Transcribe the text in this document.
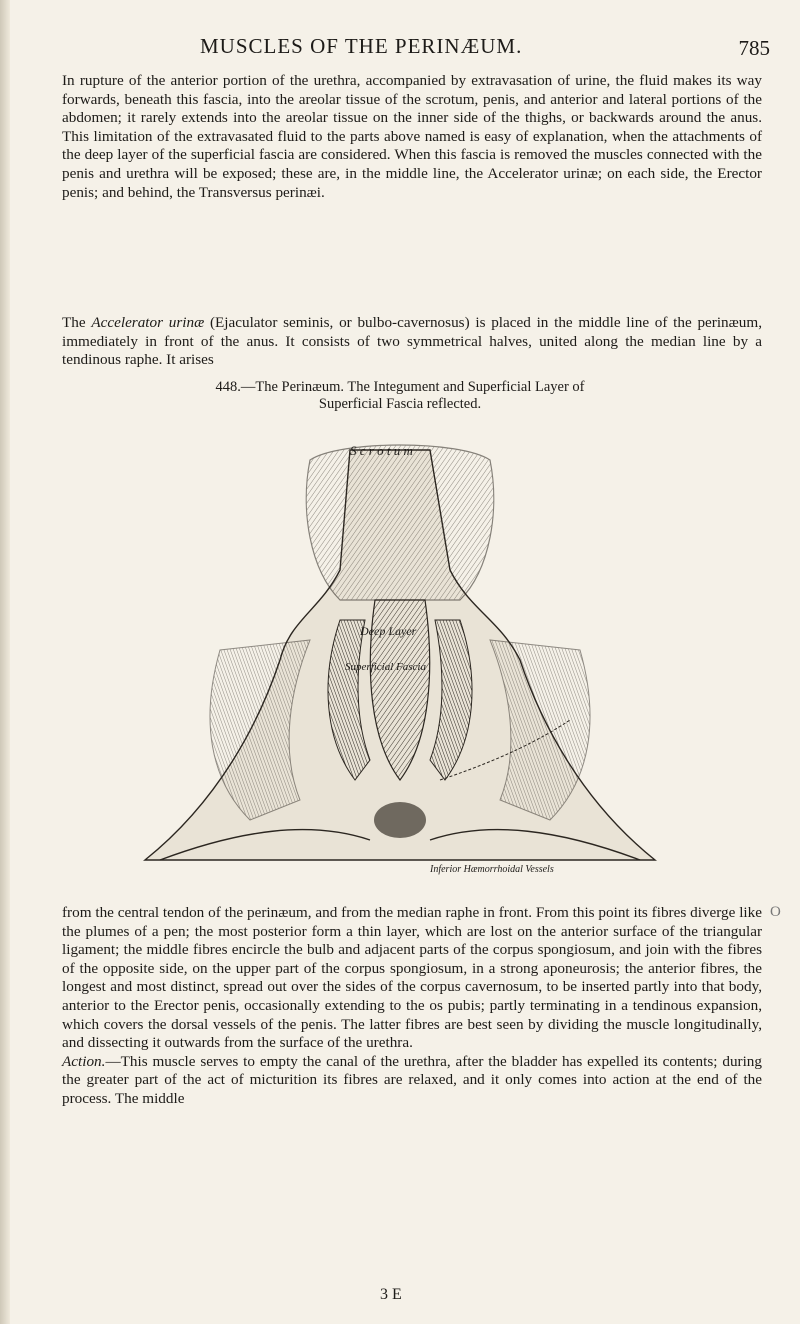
MUSCLES OF THE PERINÆUM.	785

In rupture of the anterior portion of the urethra, accompanied by extravasation of urine, the fluid makes its way forwards, beneath this fascia, into the areolar tissue of the scrotum, penis, and anterior and lateral portions of the abdomen; it rarely extends into the areolar tissue on the inner side of the thighs, or backwards around the anus. This limitation of the extravasated fluid to the parts above named is easy of explanation, when the attachments of the deep layer of the superficial fascia are considered. When this fascia is removed the muscles connected with the penis and urethra will be exposed; these are, in the middle line, the Accelerator urinæ; on each side, the Erector penis; and behind, the Transversus perinæi.

The Accelerator urinæ (Ejaculator seminis, or bulbo-cavernosus) is placed in the middle line of the perinæum, immediately in front of the anus. It consists of two symmetrical halves, united along the median line by a tendinous raphe. It arises

448.—The Perinæum. The Integument and Superficial Layer of
Superficial Fascia reflected.
S c r o t u m
Deep Layer
Superficial Fascia
Inferior Hæmorrhoidal Vessels

from the central tendon of the perinæum, and from the median raphe in front. From this point its fibres diverge like the plumes of a pen; the most posterior form a thin layer, which are lost on the anterior surface of the triangular ligament; the middle fibres encircle the bulb and adjacent parts of the corpus spongiosum, and join with the fibres of the opposite side, on the upper part of the corpus spongiosum, in a strong aponeurosis; the anterior fibres, the longest and most distinct, spread out over the sides of the corpus cavernosum, to be inserted partly into that body, anterior to the Erector penis, occasionally extending to the os pubis; partly terminating in a tendinous expansion, which covers the dorsal vessels of the penis. The latter fibres are best seen by dividing the muscle longitudinally, and dissecting it outwards from the surface of the urethra.

Action.—This muscle serves to empty the canal of the urethra, after the bladder has expelled its contents; during the greater part of the act of micturition its fibres are relaxed, and it only comes into action at the end of the process. The middle

O
3 E
